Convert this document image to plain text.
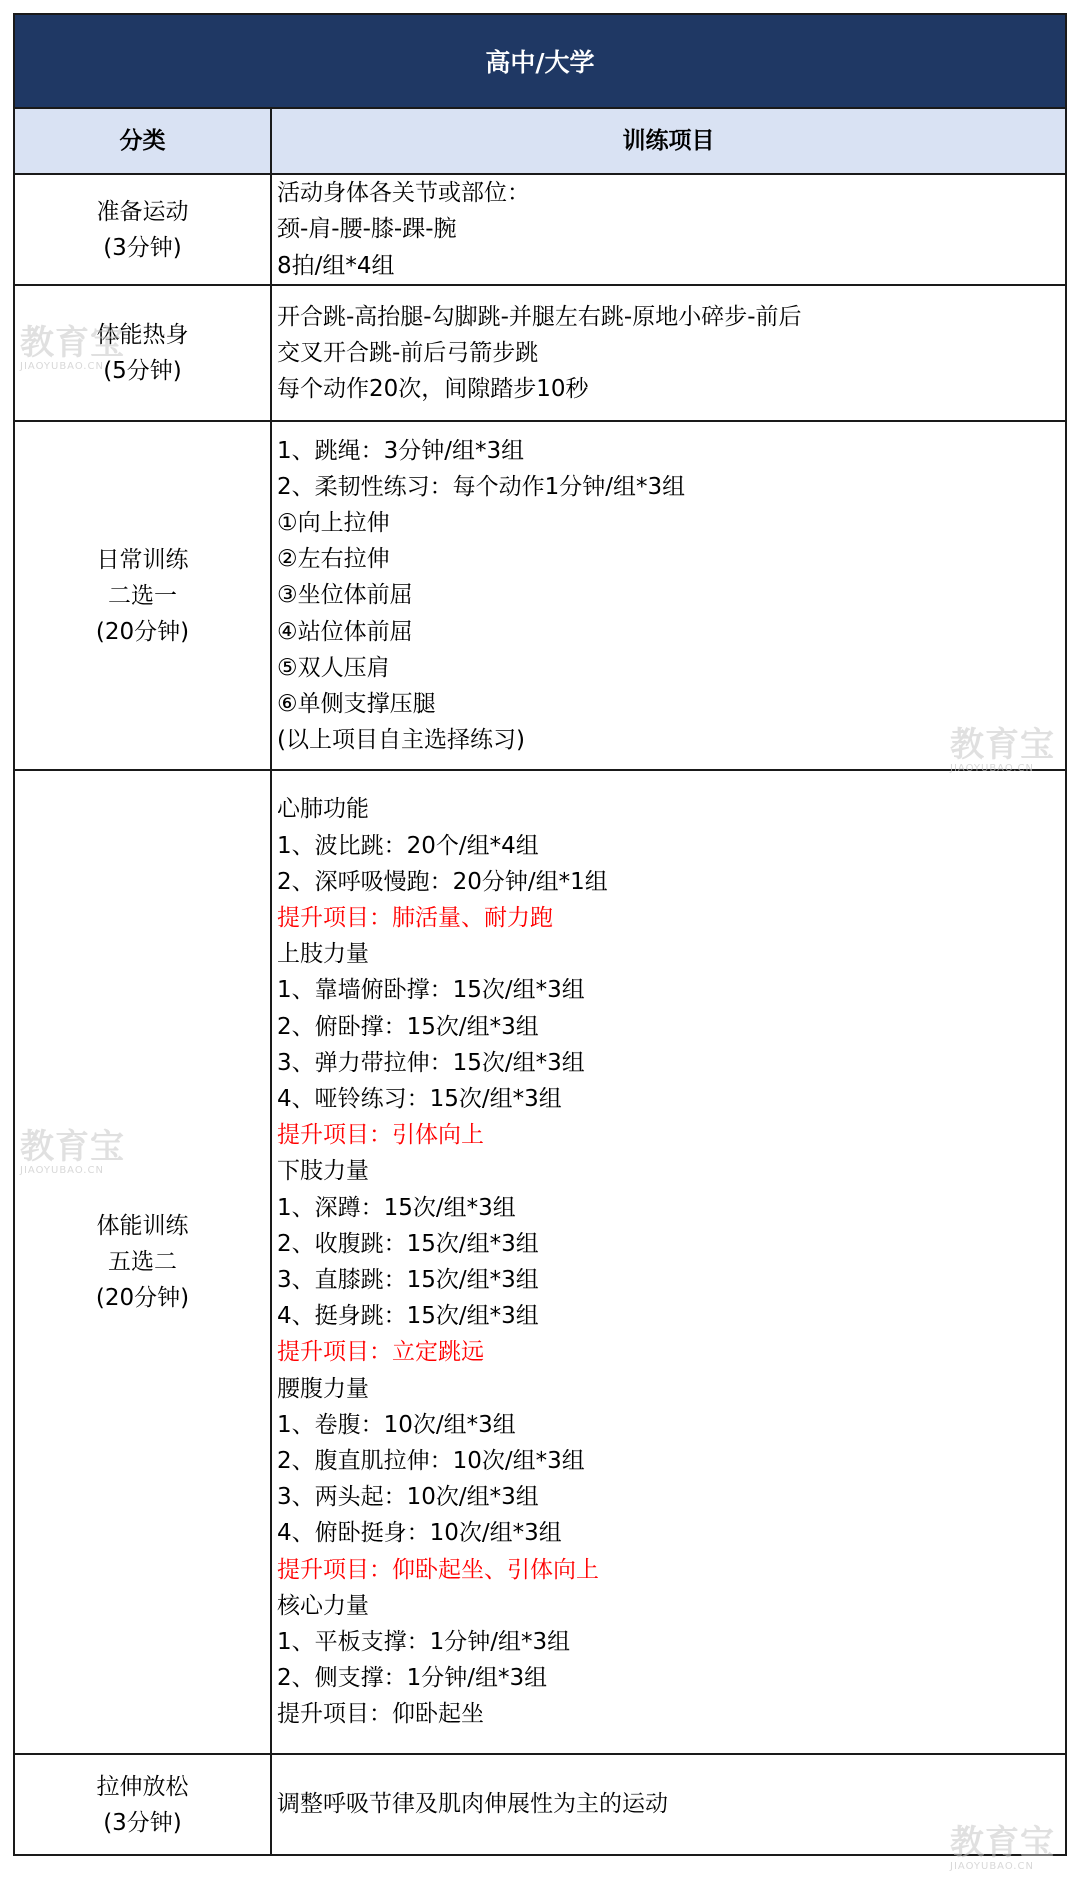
高中/大学
分类	训练项目
准备运动
(3分钟)
活动身体各关节或部位：
颈-肩-腰-膝-踝-腕
8拍/组*4组
体能热身
(5分钟)
开合跳-高抬腿-勾脚跳-并腿左右跳-原地小碎步-前后
交叉开合跳-前后弓箭步跳
每个动作20次，间隙踏步10秒
日常训练
二选一
(20分钟)
1、跳绳：3分钟/组*3组
2、柔韧性练习：每个动作1分钟/组*3组
①向上拉伸
②左右拉伸
③坐位体前屈
④站位体前屈
⑤双人压肩
⑥单侧支撑压腿
(以上项目自主选择练习)
体能训练
五选二
(20分钟)
心肺功能
1、波比跳：20个/组*4组
2、深呼吸慢跑：20分钟/组*1组
提升项目：肺活量、耐力跑
上肢力量
1、靠墙俯卧撑：15次/组*3组
2、俯卧撑：15次/组*3组
3、弹力带拉伸：15次/组*3组
4、哑铃练习：15次/组*3组
提升项目：引体向上
下肢力量
1、深蹲：15次/组*3组
2、收腹跳：15次/组*3组
3、直膝跳：15次/组*3组
4、挺身跳：15次/组*3组
提升项目：立定跳远
腰腹力量
1、卷腹：10次/组*3组
2、腹直肌拉伸：10次/组*3组
3、两头起：10次/组*3组
4、俯卧挺身：10次/组*3组
提升项目：仰卧起坐、引体向上
核心力量
1、平板支撑：1分钟/组*3组
2、侧支撑：1分钟/组*3组
提升项目：仰卧起坐
拉伸放松
(3分钟)
调整呼吸节律及肌肉伸展性为主的运动
教育宝
JIAOYUBAO.CN
教育宝
JIAOYUBAO.CN
教育宝
JIAOYUBAO.CN
教育宝
JIAOYUBAO.CN
